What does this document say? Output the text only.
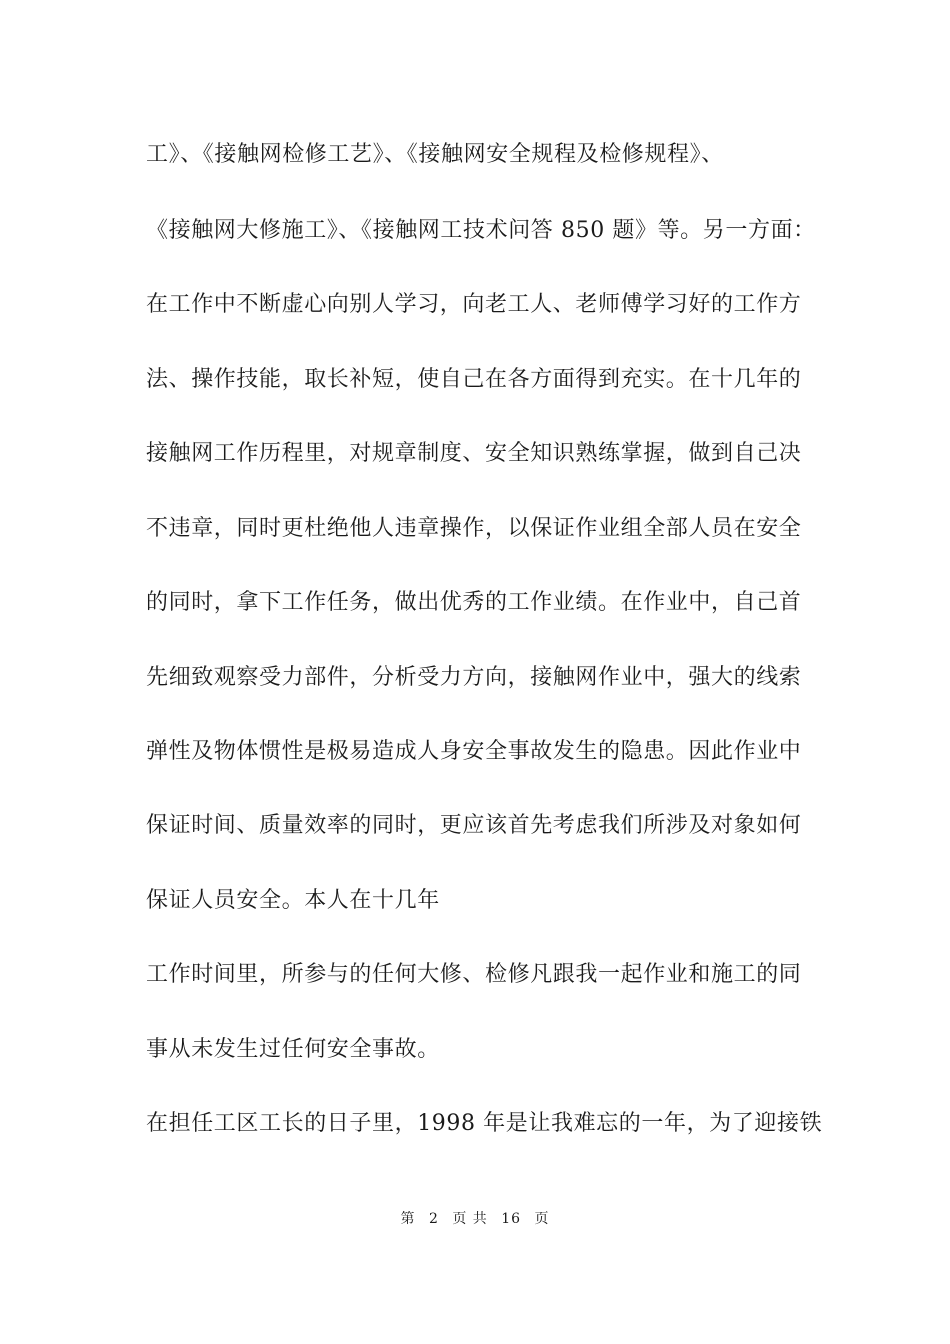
工》、《接触网检修工艺》、《接触网安全规程及检修规程》、
《接触网大修施工》、《接触网工技术问答 850 题》等。另一方面：
在工作中不断虚心向别人学习，向老工人、老师傅学习好的工作方
法、操作技能，取长补短，使自己在各方面得到充实。在十几年的
接触网工作历程里，对规章制度、安全知识熟练掌握，做到自己决
不违章，同时更杜绝他人违章操作，以保证作业组全部人员在安全
的同时，拿下工作任务，做出优秀的工作业绩。在作业中，自己首
先细致观察受力部件，分析受力方向，接触网作业中，强大的线索
弹性及物体惯性是极易造成人身安全事故发生的隐患。因此作业中
保证时间、质量效率的同时，更应该首先考虑我们所涉及对象如何
保证人员安全。本人在十几年
工作时间里，所参与的任何大修、检修凡跟我一起作业和施工的同
事从未发生过任何安全事故。
在担任工区工长的日子里，1998 年是让我难忘的一年，为了迎接铁
第 2 页 共 16 页
